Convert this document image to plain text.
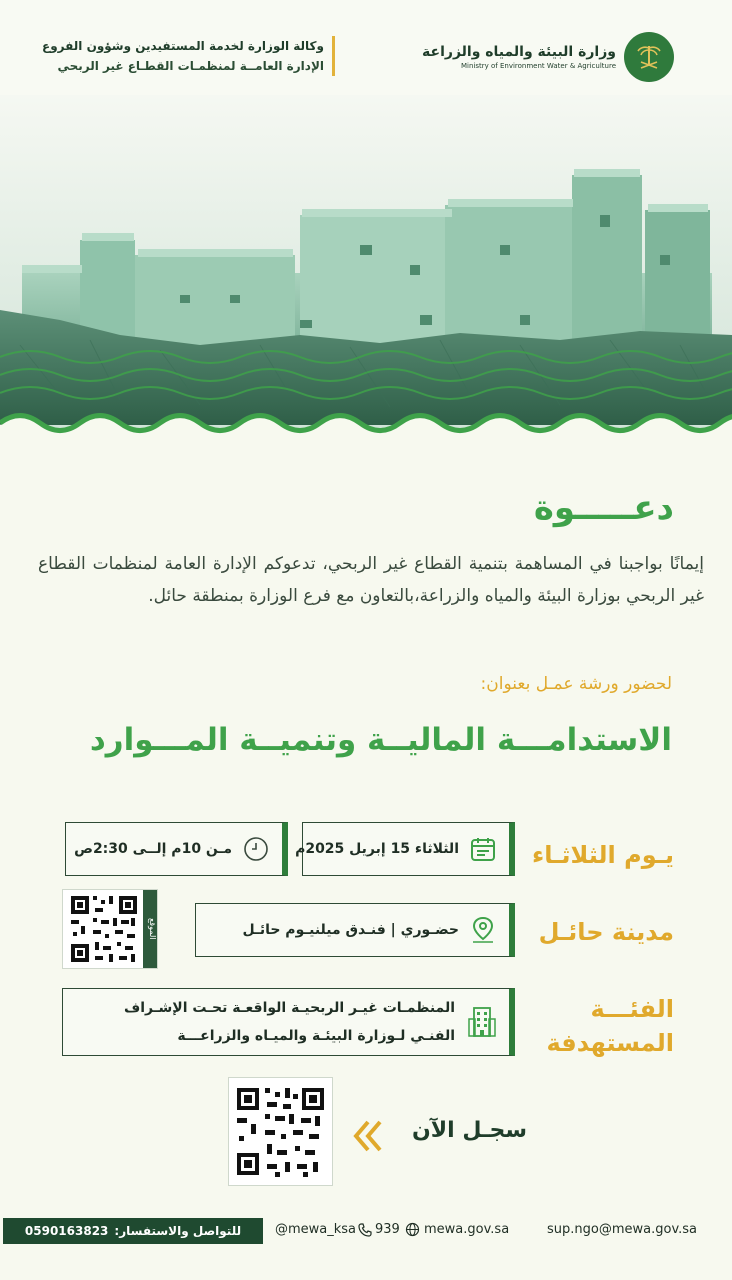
وزارة البيئة والمياه والزراعة
Ministry of Environment Water & Agriculture
وكالة الوزارة لخدمة المستفيدين وشؤون الفروع
الإدارة العامــة لمنظمـات القطـاع غير الربحي
دعـــــوة
إيمانًا بواجبنا في المساهمة بتنمية القطاع غير الربحي، تدعوكم الإدارة العامة لمنظمات القطاع غير الربحي بوزارة البيئة والمياه والزراعة،بالتعاون مع فرع الوزارة بمنطقة حائل.
لحضور ورشة عمـل بعنوان:
الاستدامـــة الماليــة وتنميــة المـــوارد
يـوم الثلاثـاء
الثلاثاء 15 إبريل 2025م
مـن 10م إلــى 2:30ص
مدينة حائـل
حضـوري | فنـدق ميلنيـوم حائـل
الموقع
الفئـــة
المستهدفة
المنظمـات غيـر الربحيـة الواقعـة تحـت الإشـراف
الفنـي لـوزارة البيئـة والميـاه والزراعـــة
سجـل الآن
للتواصل والاستفسار:
0590163823	@mewa_ksa 939 mewa.gov.sa	sup.ngo@mewa.gov.sa
